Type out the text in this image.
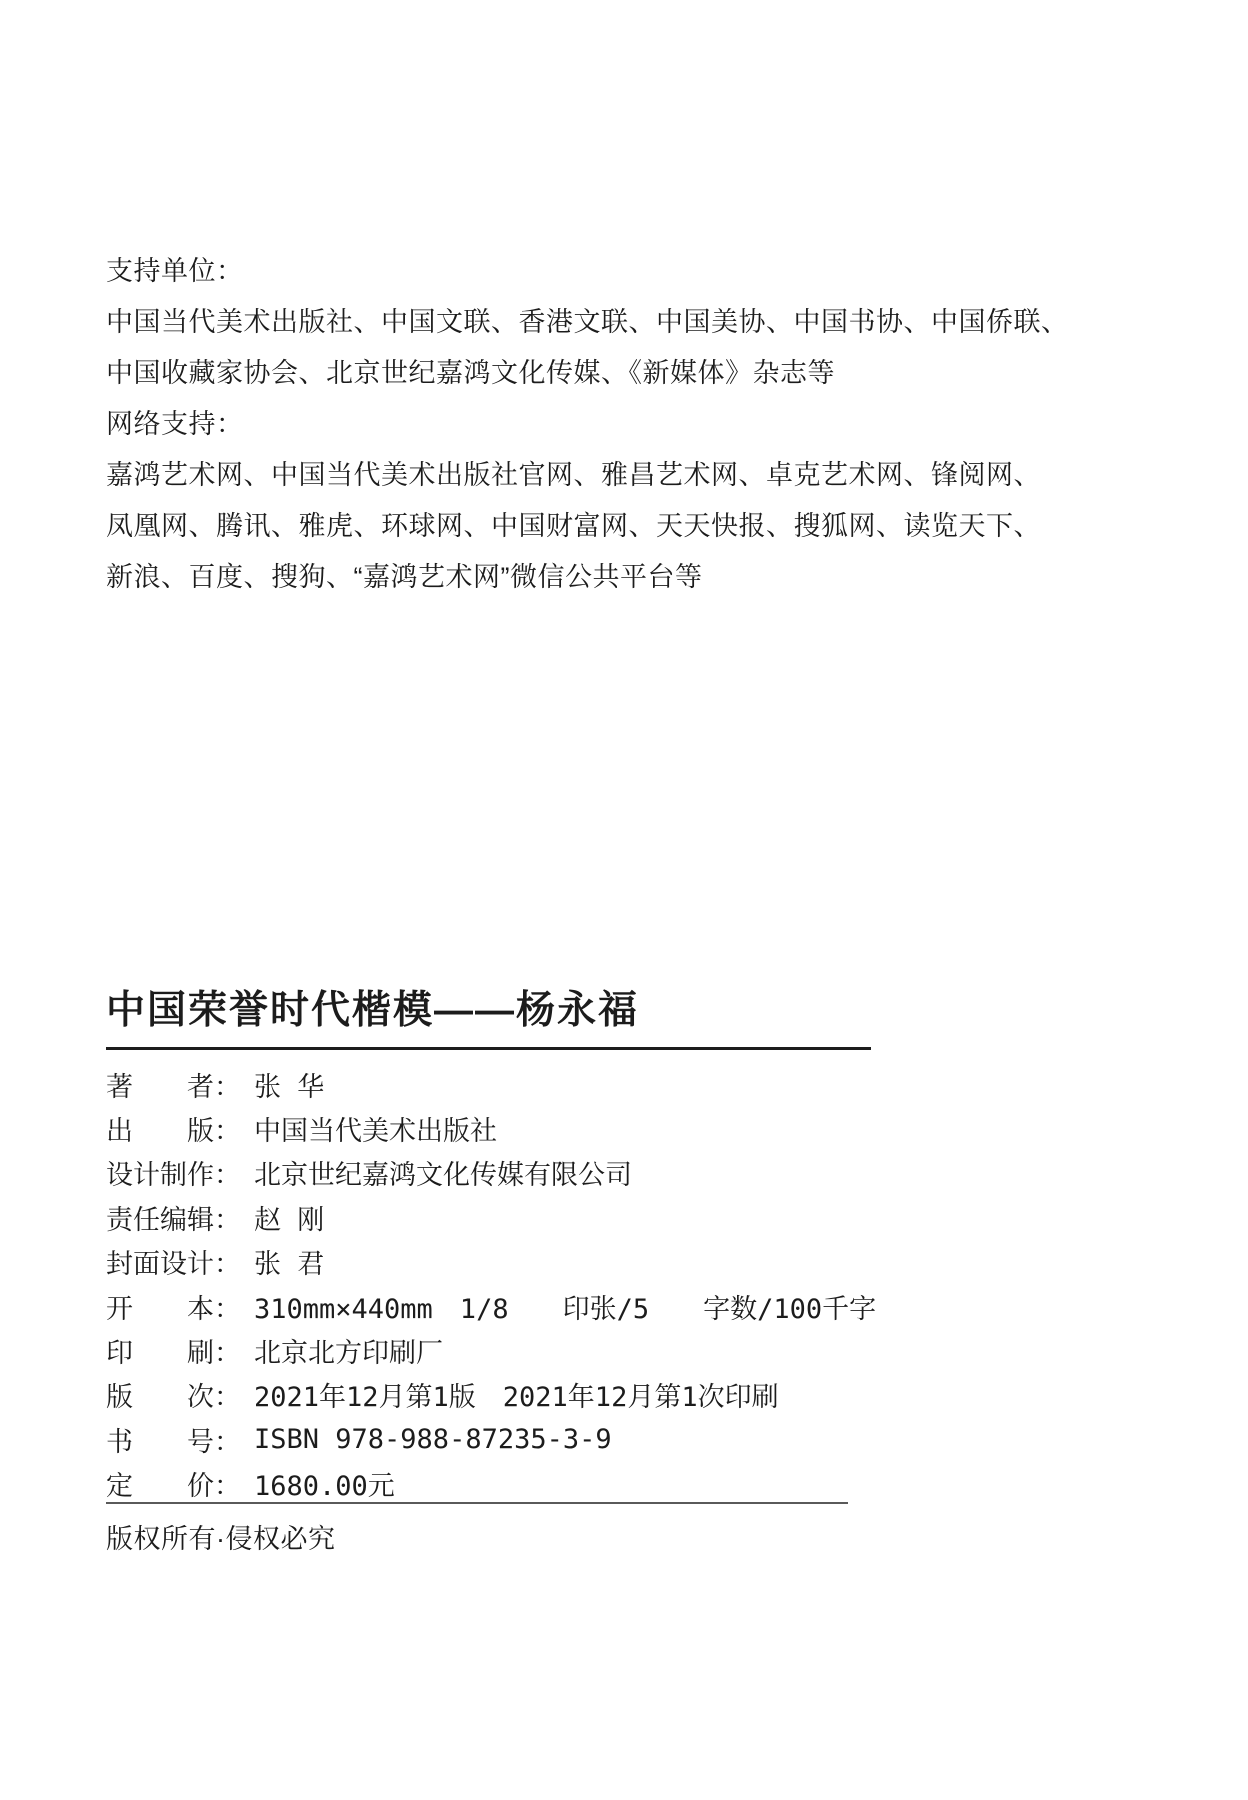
支持单位：
中国当代美术出版社、中国文联、香港文联、中国美协、中国书协、中国侨联、
中国收藏家协会、北京世纪嘉鸿文化传媒、《新媒体》杂志等
网络支持：
嘉鸿艺术网、中国当代美术出版社官网、雅昌艺术网、卓克艺术网、锋阅网、
凤凰网、腾讯、雅虎、环球网、中国财富网、天天快报、搜狐网、读览天下、
新浪、百度、搜狗、“嘉鸿艺术网”微信公共平台等
中国荣誉时代楷模——杨永福
著者 ： 张 华
出版 ： 中国当代美术出版社
设计制作 ： 北京世纪嘉鸿文化传媒有限公司
责任编辑 ： 赵 刚
封面设计 ： 张 君
开本 ： 310mm×440mm　1/8　　印张/5　　字数/100千字
印刷 ： 北京北方印刷厂
版次 ： 2021年12月第1版　2021年12月第1次印刷
书号 ： ISBN 978-988-87235-3-9
定价 ： 1680.00元
版权所有·侵权必究
